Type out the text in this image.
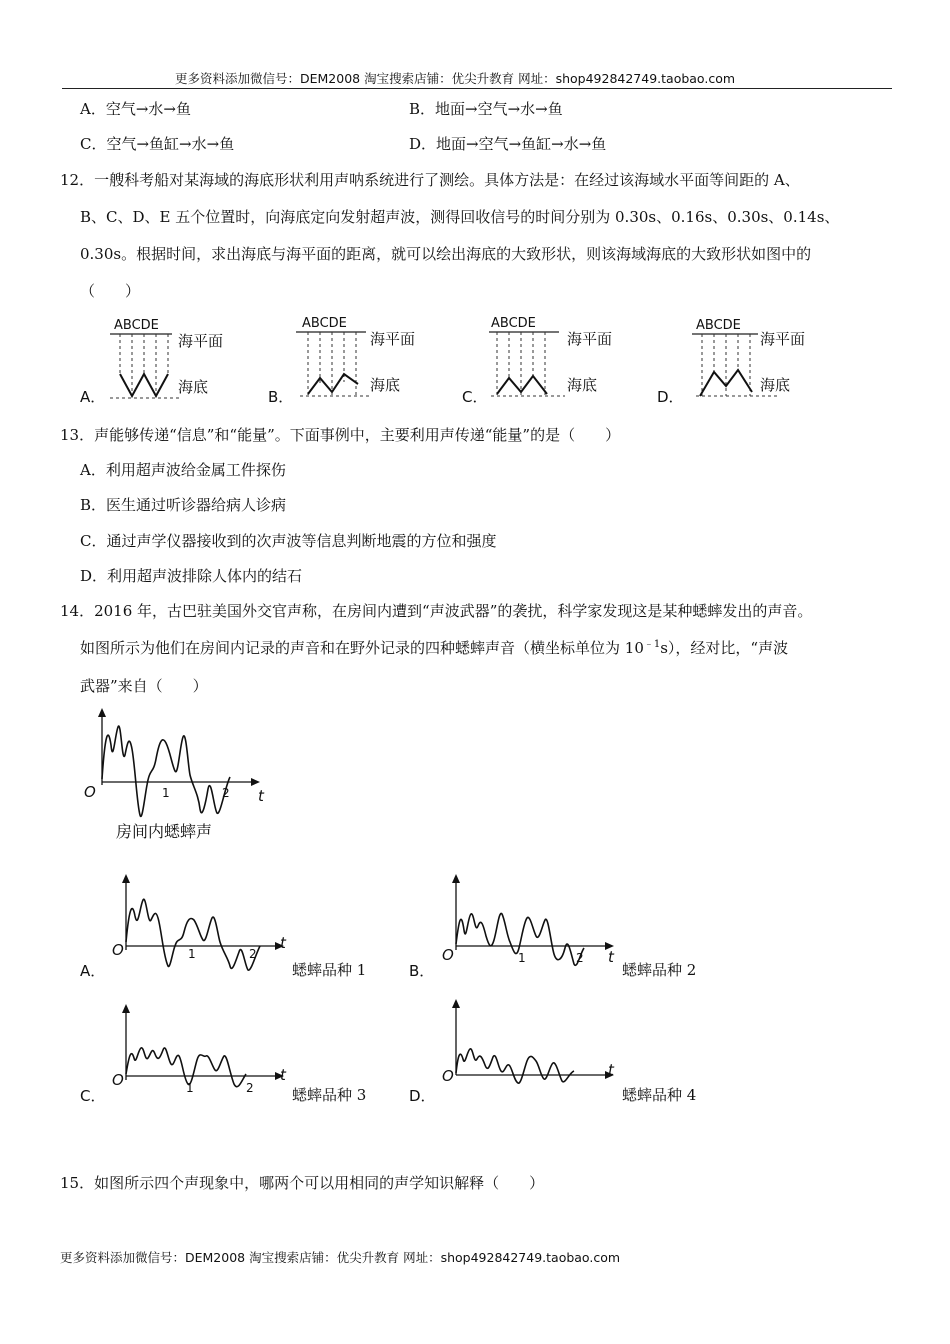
更多资料添加微信号：DEM2008 淘宝搜索店铺：优尖升教育 网址：shop492842749.taobao.com
A．空气→水→鱼	B．地面→空气→水→鱼
C．空气→鱼缸→水→鱼	D．地面→空气→鱼缸→水→鱼
12．一艘科考船对某海域的海底形状利用声呐系统进行了测绘。具体方法是：在经过该海域水平面等间距的 A、
B、C、D、E 五个位置时，向海底定向发射超声波，测得回收信号的时间分别为 0.30s、0.16s、0.30s、0.14s、
0.30s。根据时间，求出海底与海平面的距离，就可以绘出海底的大致形状，则该海域海底的大致形状如图中的
（　　）
A．
ABCDE
海平面
海底
B．
ABCDE
海平面
海底
C．
ABCDE
海平面
海底
D．
ABCDE
海平面
海底
13．声能够传递“信息”和“能量”。下面事例中，主要利用声传递“能量”的是（　　）
A．利用超声波给金属工件探伤
B．医生通过听诊器给病人诊病
C．通过声学仪器接收到的次声波等信息判断地震的方位和强度
D．利用超声波排除人体内的结石
14．2016 年，古巴驻美国外交官声称，在房间内遭到“声波武器”的袭扰，科学家发现这是某种蟋蟀发出的声音。
如图所示为他们在房间内记录的声音和在野外记录的四种蟋蟀声音（横坐标单位为 $10^{﹣1}s$），经对比，“声波
武器”来自（　　）
O	1	2 t
房间内蟋蟀声
A．
O	1	2
t
蟋蟀品种 1	B．
O	1	2 t
蟋蟀品种 2
C．
O	1	2
t
蟋蟀品种 3	D．
O	t
蟋蟀品种 4
15．如图所示四个声现象中，哪两个可以用相同的声学知识解释（　　）
更多资料添加微信号：DEM2008 淘宝搜索店铺：优尖升教育 网址：shop492842749.taobao.com
